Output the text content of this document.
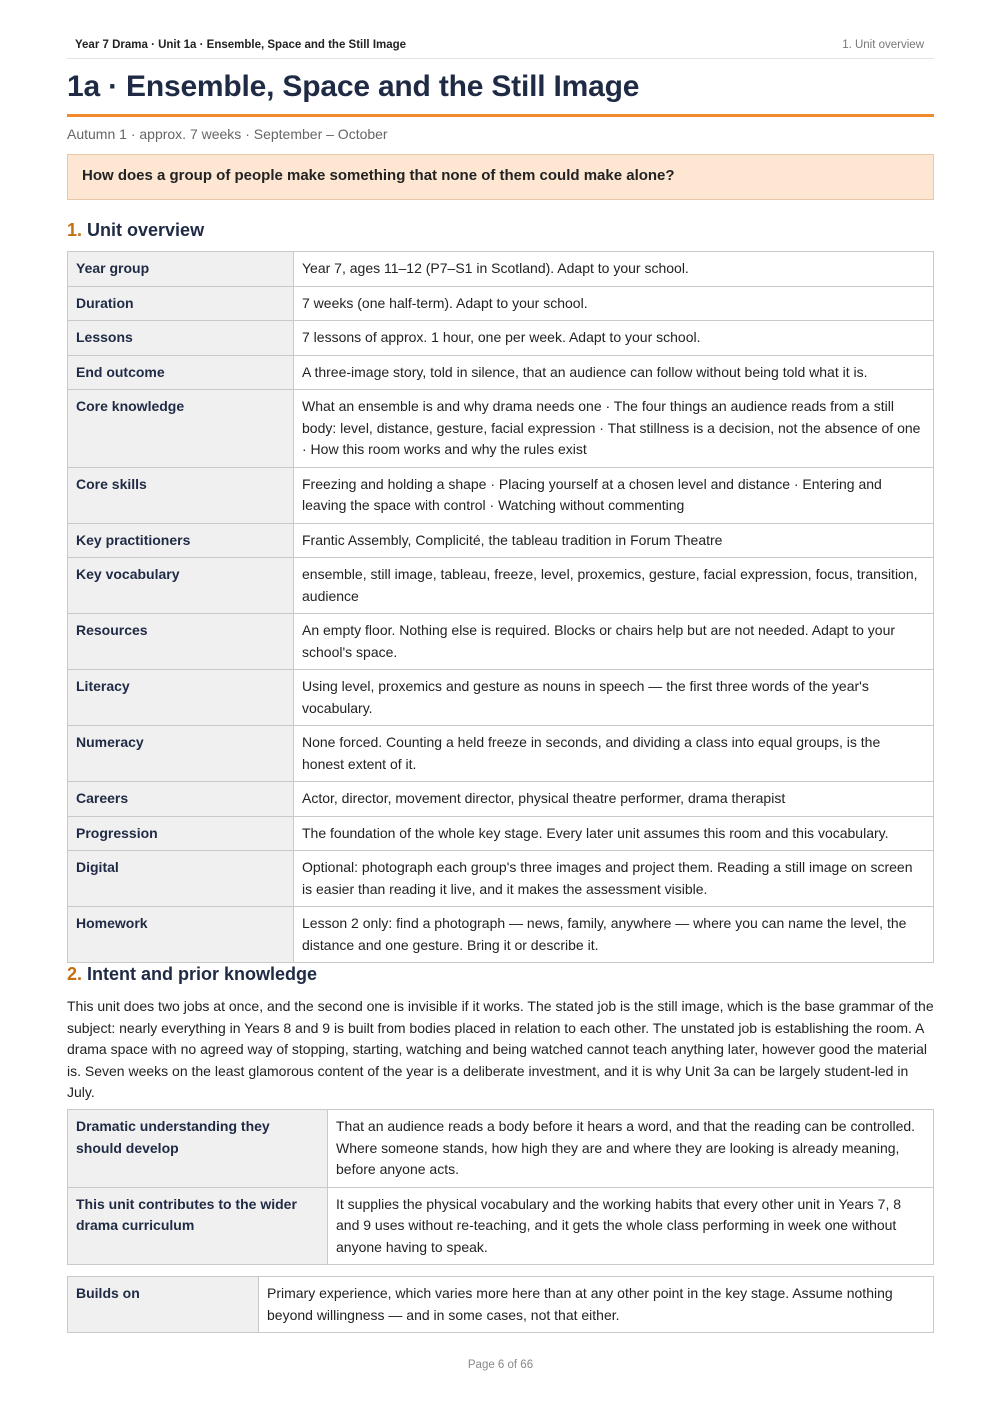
Year 7 Drama · Unit 1a · Ensemble, Space and the Still Image	1. Unit overview
1a · Ensemble, Space and the Still Image
Autumn 1 · approx. 7 weeks · September – October
How does a group of people make something that none of them could make alone?
1. Unit overview
Year group	Year 7, ages 11–12 (P7–S1 in Scotland). Adapt to your school.
Duration	7 weeks (one half-term). Adapt to your school.
Lessons	7 lessons of approx. 1 hour, one per week. Adapt to your school.
End outcome	A three-image story, told in silence, that an audience can follow without being told what it is.
Core knowledge	What an ensemble is and why drama needs one · The four things an audience reads from a still body: level, distance, gesture, facial expression · That stillness is a decision, not the absence of one · How this room works and why the rules exist
Core skills	Freezing and holding a shape · Placing yourself at a chosen level and distance · Entering and leaving the space with control · Watching without commenting
Key practitioners	Frantic Assembly, Complicité, the tableau tradition in Forum Theatre
Key vocabulary	ensemble, still image, tableau, freeze, level, proxemics, gesture, facial expression, focus, transition, audience
Resources	An empty floor. Nothing else is required. Blocks or chairs help but are not needed. Adapt to your school's space.
Literacy	Using level, proxemics and gesture as nouns in speech — the first three words of the year's vocabulary.
Numeracy	None forced. Counting a held freeze in seconds, and dividing a class into equal groups, is the honest extent of it.
Careers	Actor, director, movement director, physical theatre performer, drama therapist
Progression	The foundation of the whole key stage. Every later unit assumes this room and this vocabulary.
Digital	Optional: photograph each group's three images and project them. Reading a still image on screen is easier than reading it live, and it makes the assessment visible.
Homework	Lesson 2 only: find a photograph — news, family, anywhere — where you can name the level, the distance and one gesture. Bring it or describe it.
2. Intent and prior knowledge

This unit does two jobs at once, and the second one is invisible if it works. The stated job is the still image, which is the base grammar of the subject: nearly everything in Years 8 and 9 is built from bodies placed in relation to each other. The unstated job is establishing the room. A drama space with no agreed way of stopping, starting, watching and being watched cannot teach anything later, however good the material is. Seven weeks on the least glamorous content of the year is a deliberate investment, and it is why Unit 3a can be largely student-led in July.

Dramatic understanding they should develop	That an audience reads a body before it hears a word, and that the reading can be controlled. Where someone stands, how high they are and where they are looking is already meaning, before anyone acts.
This unit contributes to the wider drama curriculum	It supplies the physical vocabulary and the working habits that every other unit in Years 7, 8 and 9 uses without re-teaching, and it gets the whole class performing in week one without anyone having to speak.
Builds on	Primary experience, which varies more here than at any other point in the key stage. Assume nothing beyond willingness — and in some cases, not that either.
Page 6 of 66
